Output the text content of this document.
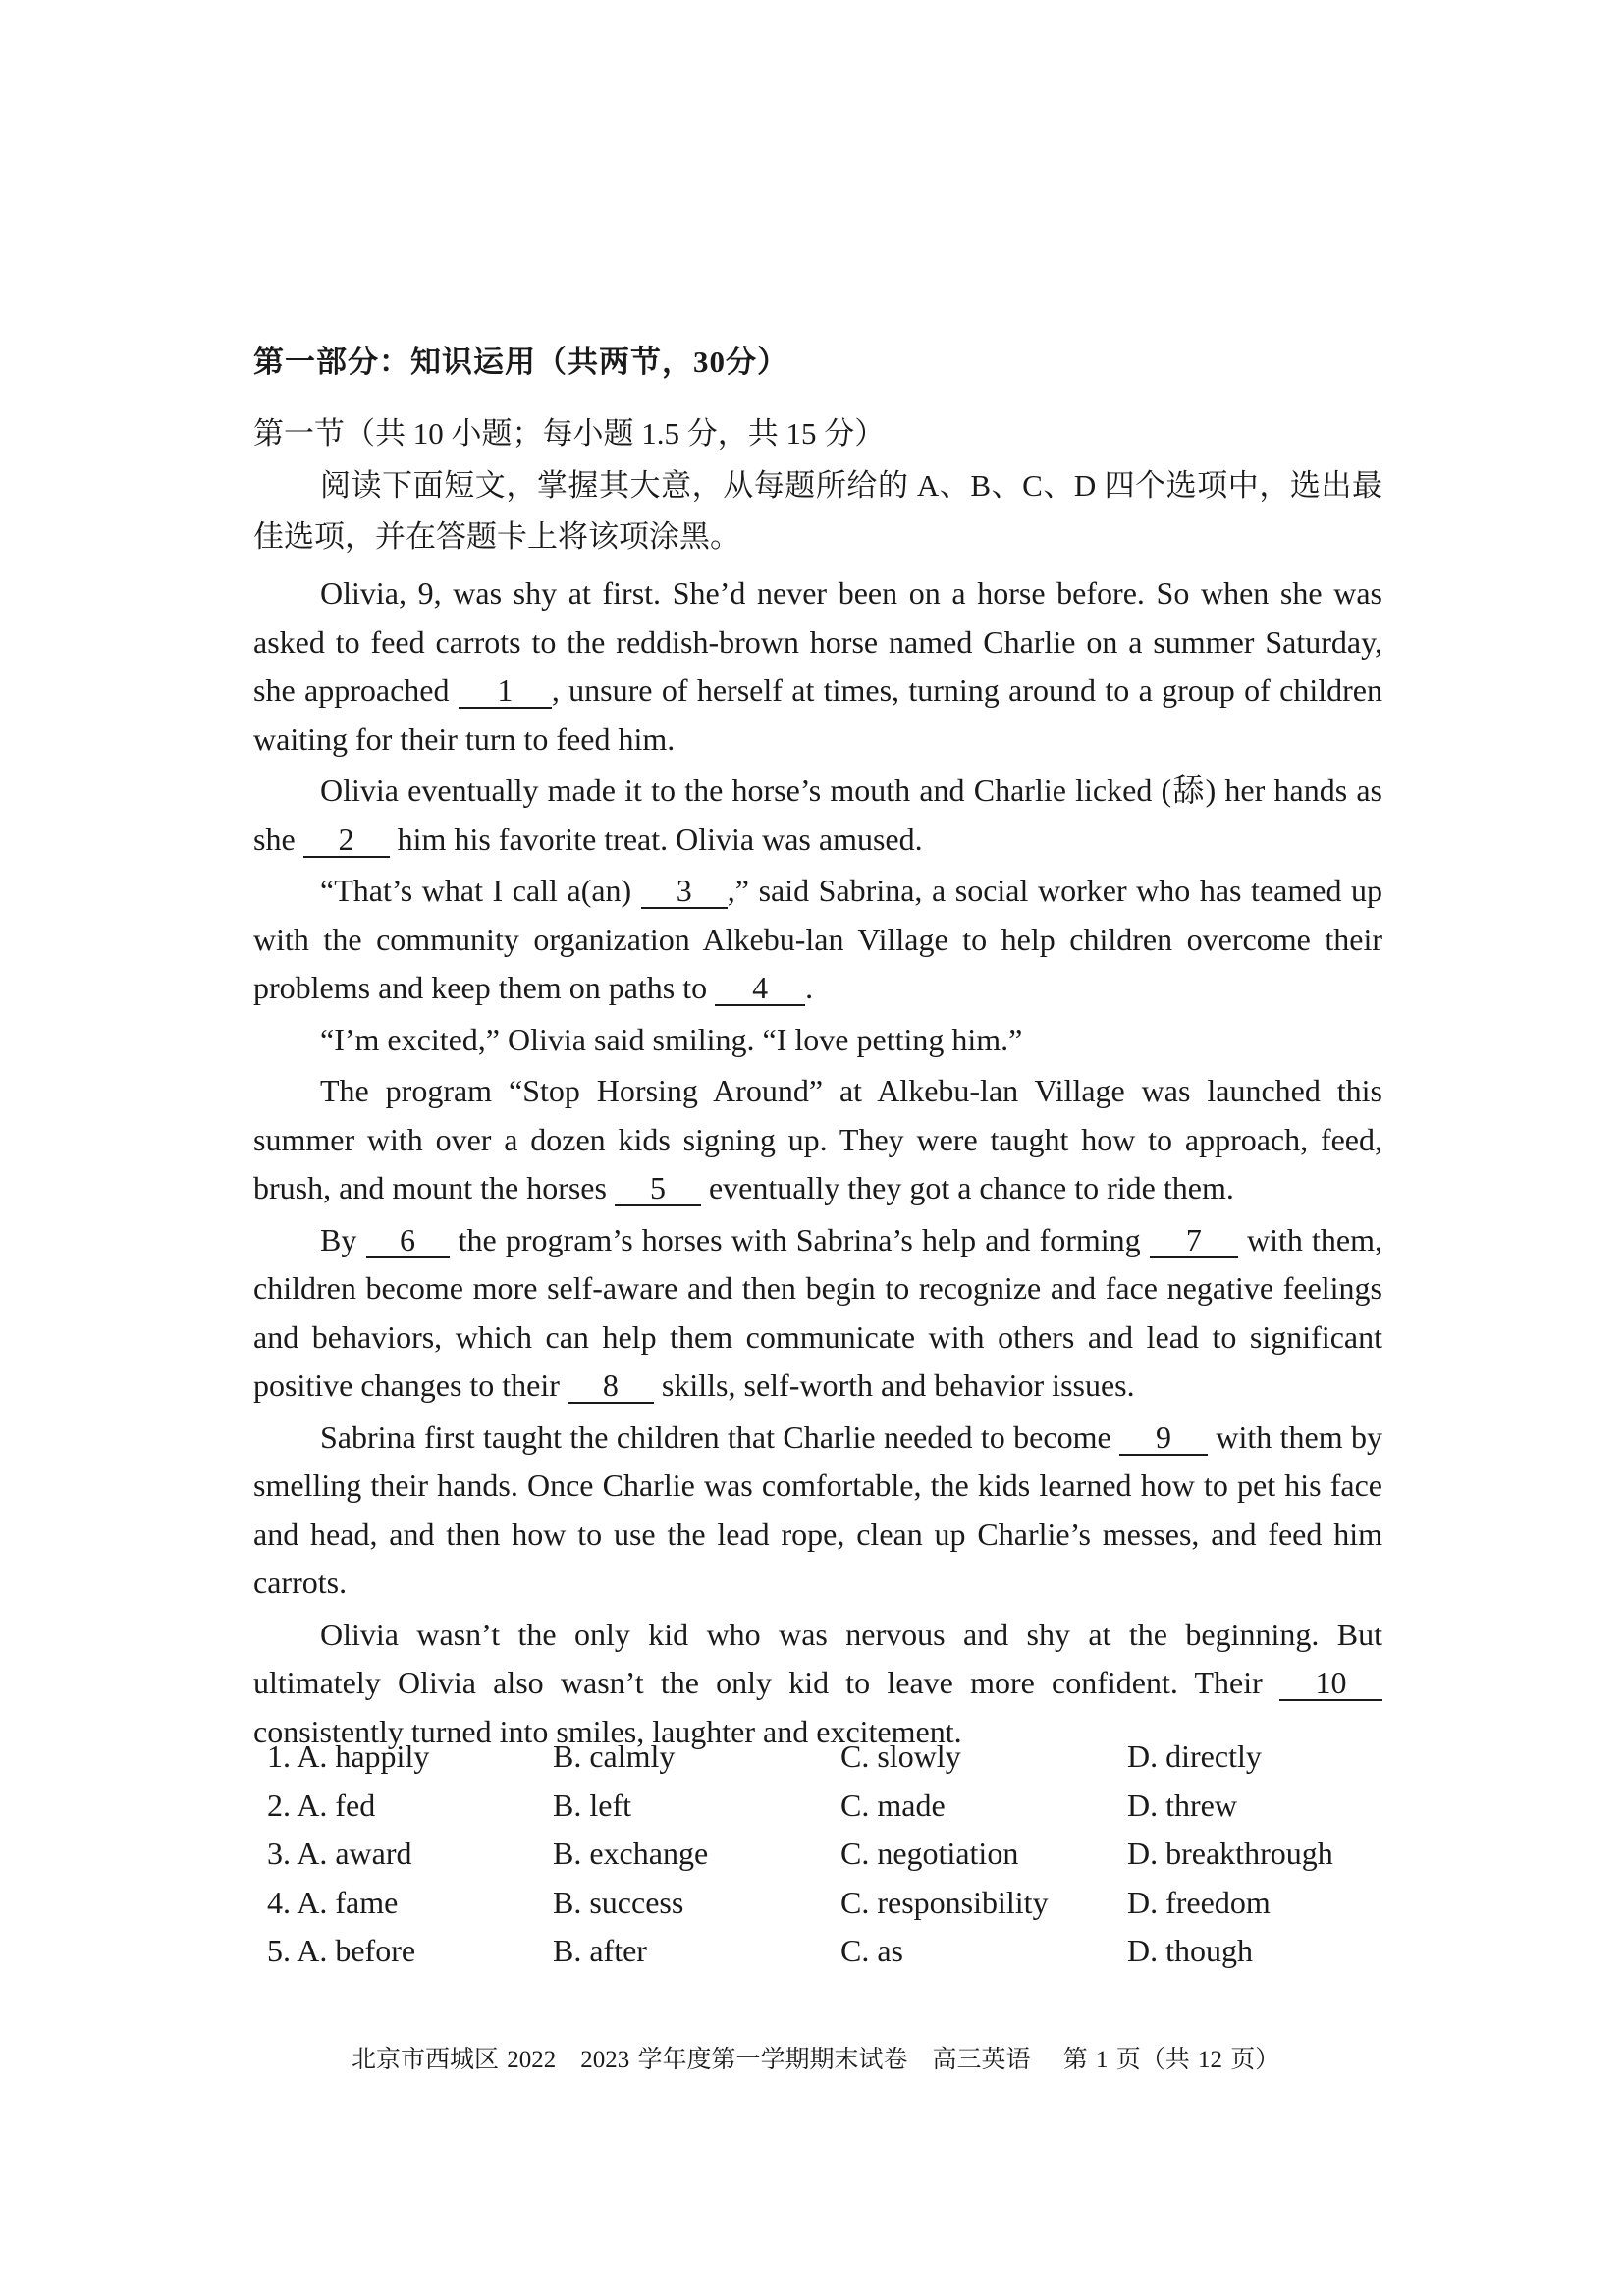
第一部分：知识运用（共两节，30分）
第一节（共 10 小题；每小题 1.5 分，共 15 分）
阅读下面短文，掌握其大意，从每题所给的 A、B、C、D 四个选项中，选出最佳选项，并在答题卡上将该项涂黑。

Olivia, 9, was shy at first. She’d never been on a horse before. So when she was asked to feed carrots to the reddish-brown horse named Charlie on a summer Saturday, she approached 1 , unsure of herself at times, turning around to a group of children waiting for their turn to feed him.

Olivia eventually made it to the horse’s mouth and Charlie licked (舔) her hands as she 2 him his favorite treat. Olivia was amused.

“That’s what I call a(an) 3 ,” said Sabrina, a social worker who has teamed up with the community organization Alkebu-lan Village to help children overcome their problems and keep them on paths to 4 .

“I’m excited,” Olivia said smiling. “I love petting him.”

The program “Stop Horsing Around” at Alkebu-lan Village was launched this summer with over a dozen kids signing up. They were taught how to approach, feed, brush, and mount the horses 5 eventually they got a chance to ride them.

By 6 the program’s horses with Sabrina’s help and forming 7 with them, children become more self-aware and then begin to recognize and face negative feelings and behaviors, which can help them communicate with others and lead to significant positive changes to their 8 skills, self-worth and behavior issues.

Sabrina first taught the children that Charlie needed to become 9 with them by smelling their hands. Once Charlie was comfortable, the kids learned how to pet his face and head, and then how to use the lead rope, clean up Charlie’s messes, and feed him carrots.

Olivia wasn’t the only kid who was nervous and shy at the beginning. But ultimately Olivia also wasn’t the only kid to leave more confident. Their 10 consistently turned into smiles, laughter and excitement.

1. A. happily	B. calmly	C. slowly	D. directly
2. A. fed	B. left	C. made	D. threw
3. A. award	B. exchange	C. negotiation	D. breakthrough
4. A. fame	B. success	C. responsibility	D. freedom
5. A. before	B. after	C. as	D. though
北京市西城区 2022　2023 学年度第一学期期末试卷　高三英语　 第 1 页（共 12 页）
